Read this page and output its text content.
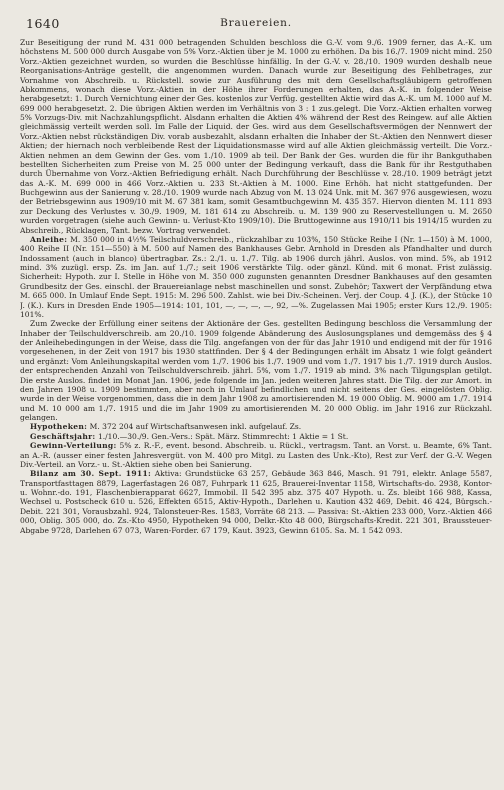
1640	Brauereien.

Zur Beseitigung der rund M. 431 000 betragenden Schulden beschloss die G.-V. vom 9./6. 1909 ferner, das A.-K. um höchstens M. 500 000 durch Ausgabe von 5% Vorz.-Aktien über je M. 1000 zu erhöhen. Da bis 16./7. 1909 nicht mind. 250 Vorz.-Aktien gezeichnet wurden, so wurden die Beschlüsse hinfällig. In der G.-V. v. 28./10. 1909 wurden deshalb neue Reorganisations-Anträge gestellt, die angenommen wurden. Danach wurde zur Beseitigung des Fehlbetrages, zur Vornahme von Abschreib. u. Rückstell. sowie zur Ausführung des mit dem Gesellschaftsgläubigern getroffenen Abkommens, wonach diese Vorz.-Aktien in der Höhe ihrer Forderungen erhalten, das A.-K. in folgender Weise herabgesetzt: 1. Durch Vernichtung einer der Ges. kostenlos zur Verfüg. gestellten Aktie wird das A.-K. um M. 1000 auf M. 699 000 herabgesetzt. 2. Die übrigen Aktien werden im Verhältnis von 3 : 1 zus.gelegt. Die Vorz.-Aktien erhalten vorweg 5% Vorzugs-Div. mit Nachzahlungspflicht. Alsdann erhalten die Aktien 4% während der Rest des Reingew. auf alle Aktien gleichmässig verteilt werden soll. Im Falle der Liquid. der Ges. wird aus dem Gesellschaftsvermögen der Nennwert der Vorz.-Aktien nebst rückständigen Div. vorab ausbezahlt, alsdann erhalten die Inhaber der St.-Aktien den Nennwert dieser Aktien; der hiernach noch verbleibende Rest der Liquidationsmasse wird auf alle Aktien gleichmässig verteilt. Die Vorz.-Aktien nehmen an dem Gewinn der Ges. vom 1./10. 1909 ab teil. Der Bank der Ges. wurden die für ihr Bankguthaben bestellten Sicherheiten zum Preise von M. 25 000 unter der Bedingung verkauft, dass die Bank für ihr Restguthaben durch Übernahme von Vorz.-Aktien Befriedigung erhält. Nach Durchführung der Beschlüsse v. 28./10. 1909 beträgt jetzt das A.-K. M. 699 000 in 466 Vorz.-Aktien u. 233 St.-Aktien à M. 1000. Eine Erhöh. hat nicht stattgefunden. Der Buchgewinn aus der Sanierung v. 28./10. 1909 wurde nach Abzug von M. 13 024 Unk. mit M. 367 976 ausgewiesen, wozu der Betriebsgewinn aus 1909/10 mit M. 67 381 kam, somit Gesamtbuchgewinn M. 435 357. Hiervon dienten M. 111 893 zur Deckung des Verlustes v. 30./9. 1909, M. 181 614 zu Abschreib. u. M. 139 900 zu Reservestellungen u. M. 2650 wurden vorgetragen (siehe auch Gewinn- u. Verlust-Kto 1909/10). Die Bruttogewinne aus 1910/11 bis 1914/15 wurden zu Abschreib., Rücklagen, Tant. bezw. Vortrag verwendet.

Anleihe: M. 350 000 in 4½% Teilschuldverschreib., rückzahlbar zu 103%, 150 Stücke Reihe I (Nr. 1—150) à M. 1000, 400 Reihe II (Nr. 151—550) à M. 500 auf Namen des Bankhauses Gebr. Arnhold in Dresden als Pfandhalter und durch Indossament (auch in blanco) übertragbar. Zs.: 2./1. u. 1./7. Tilg. ab 1906 durch jährl. Auslos. von mind. 5%, ab 1912 mind. 3% zuzügl. ersp. Zs. im Jan. auf 1./7.; seit 1906 verstärkte Tilg. oder gänzl. Künd. mit 6 monat. Frist zulässig. Sicherheit: Hypoth. zur I. Stelle in Höhe von M. 350 000 zugunsten genannten Dresdner Bankhauses auf den gesamten Grundbesitz der Ges. einschl. der Brauereianlage nebst maschinellen und sonst. Zubehör; Taxwert der Verpfändung etwa M. 665 000. In Umlauf Ende Sept. 1915: M. 296 500. Zahlst. wie bei Div.-Scheinen. Verj. der Coup. 4 J. (K.), der Stücke 10 J. (K.). Kurs in Dresden Ende 1905—1914: 101, 101, —, —, —, —, 92, —%. Zugelassen Mai 1905; erster Kurs 12./9. 1905: 101%.

Zum Zwecke der Erfüllung einer seitens der Aktionäre der Ges. gestellten Bedingung beschloss die Versammlung der Inhaber der Teilschuldverschreib. am 20./10. 1909 folgende Abänderung des Auslosungsplanes und demgemäss des § 4 der Anleihebedingungen in der Weise, dass die Tilg. angefangen von der für das Jahr 1910 und endigend mit der für 1916 vorgesehenen, in der Zeit von 1917 bis 1930 stattfinden. Der § 4 der Bedingungen erhält im Absatz 1 wie folgt geändert und ergänzt: Vom Anleihungskapital werden vom 1./7. 1906 bis 1./7. 1909 und vom 1./7. 1917 bis 1./7. 1919 durch Auslos. der entsprechenden Anzahl von Teilschuldverschreib. jährl. 5%, vom 1./7. 1919 ab mind. 3% nach Tilgungsplan getilgt. Die erste Auslos. findet im Monat Jan. 1906, jede folgende im Jan. jeden weiteren Jahres statt. Die Tilg. der zur Amort. in den Jahren 1908 u. 1909 bestimmten, aber noch in Umlauf befindlichen und nicht seitens der Ges. eingelösten Oblig. wurde in der Weise vorgenommen, dass die in dem Jahr 1908 zu amortisierenden M. 19 000 Oblig. M. 9000 am 1./7. 1914 und M. 10 000 am 1./7. 1915 und die im Jahr 1909 zu amortisierenden M. 20 000 Oblig. im Jahr 1916 zur Rückzahl. gelangen.

Hypotheken: M. 372 204 auf Wirtschaftsanwesen inkl. aufgelauf. Zs.

Geschäftsjahr: 1./10.—30./9. Gen.-Vers.: Spät. März. Stimmrecht: 1 Aktie = 1 St.

Gewinn-Verteilung: 5% z. R.-F., event. besond. Abschreib. u. Rückl., vertragsm. Tant. an Vorst. u. Beamte, 6% Tant. an A.-R. (ausser einer festen Jahresvergüt. von M. 400 pro Mitgl. zu Lasten des Unk.-Kto), Rest zur Verf. der G.-V. Wegen Div.-Verteil. an Vorz.- u. St.-Aktien siehe oben bei Sanierung.

Bilanz am 30. Sept. 1911: Aktiva: Grundstücke 63 257, Gebäude 363 846, Masch. 91 791, elektr. Anlage 5587, Transportfasttagen 8879, Lagerfastagen 26 087, Fuhrpark 11 625, Brauerei-Inventar 1158, Wirtschafts-do. 2938, Kontor- u. Wohnr.-do. 191, Flaschenbierapparat 6627, Immobil. II 542 395 abz. 375 407 Hypoth. u. Zs. bleibt 166 988, Kassa, Wechsel u. Postscheck 610 u. 526, Effekten 6515, Aktiv-Hypoth., Darlehen u. Kaution 432 469, Debit. 46 424, Bürgsch.-Debit. 221 301, Vorausbzahl. 924, Talonsteuer-Res. 1583, Vorräte 68 213. — Passiva: St.-Aktien 233 000, Vorz.-Aktien 466 000, Oblig. 305 000, do. Zs.-Kto 4950, Hypotheken 94 000, Delkr.-Kto 48 000, Bürgschafts-Kredit. 221 301, Braussteuer-Abgabe 9728, Darlehen 67 073, Waren-Forder. 67 179, Kaut. 3923, Gewinn 6105. Sa. M. 1 542 093.
